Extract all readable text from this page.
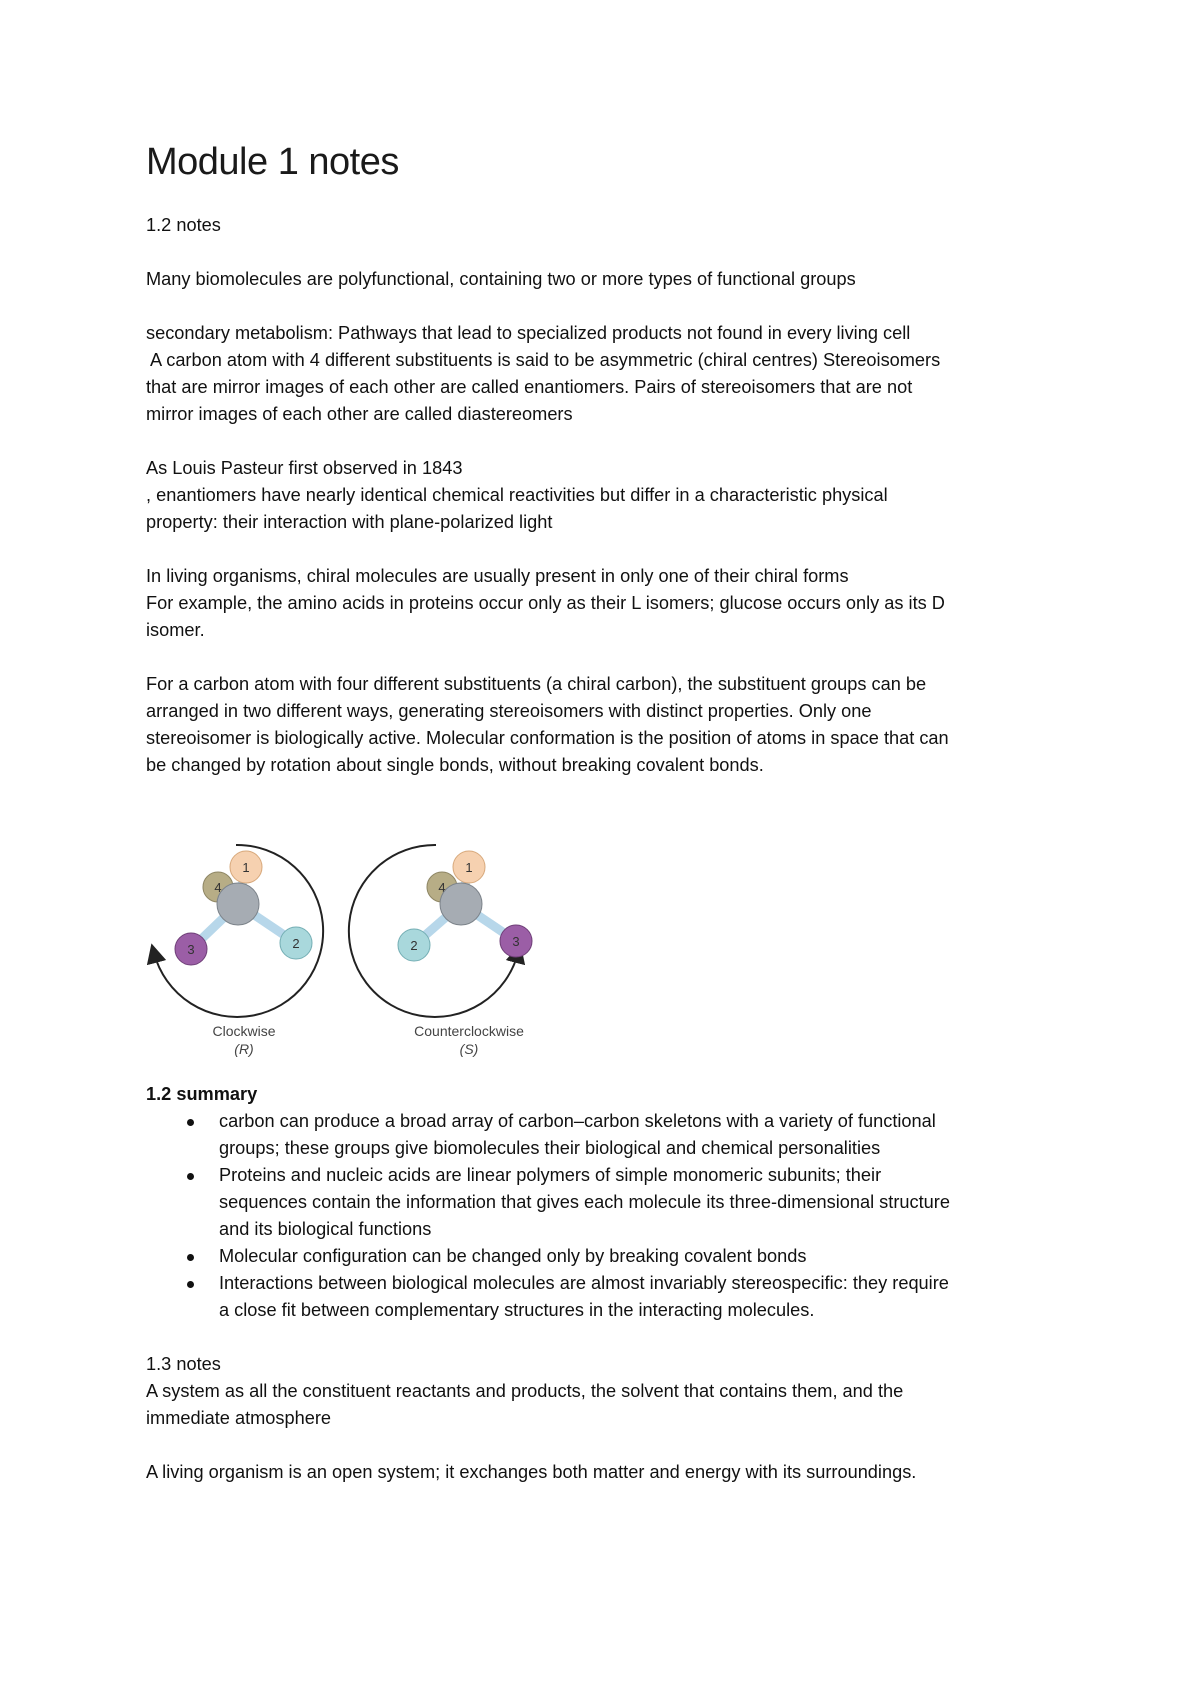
Module 1 notes

1.2 notes

Many biomolecules are polyfunctional, containing two or more types of functional groups

secondary metabolism: Pathways that lead to specialized products not found in every living cell

A carbon atom with 4 different substituents is said to be asymmetric (chiral centres) Stereoisomers

that are mirror images of each other are called enantiomers. Pairs of stereoisomers that are not

mirror images of each other are called diastereomers

As Louis Pasteur first observed in 1843

, enantiomers have nearly identical chemical reactivities but differ in a characteristic physical

property: their interaction with plane-polarized light

In living organisms, chiral molecules are usually present in only one of their chiral forms

For example, the amino acids in proteins occur only as their L isomers; glucose occurs only as its D

isomer.

For a carbon atom with four different substituents (a chiral carbon), the substituent groups can be

arranged in two different ways, generating stereoisomers with distinct properties. Only one

stereoisomer is biologically active. Molecular conformation is the position of atoms in space that can

be changed by rotation about single bonds, without breaking covalent bonds.

4
1
3	2
Clockwise
(R)
4
1
2	3
Counterclockwise
(S)

1.2 summary

carbon can produce a broad array of carbon–carbon skeletons with a variety of functional
groups; these groups give biomolecules their biological and chemical personalities
Proteins and nucleic acids are linear polymers of simple monomeric subunits; their
sequences contain the information that gives each molecule its three-dimensional structure
and its biological functions
Molecular configuration can be changed only by breaking covalent bonds
Interactions between biological molecules are almost invariably stereospecific: they require
a close fit between complementary structures in the interacting molecules.

1.3 notes

A system as all the constituent reactants and products, the solvent that contains them, and the

immediate atmosphere

A living organism is an open system; it exchanges both matter and energy with its surroundings.
